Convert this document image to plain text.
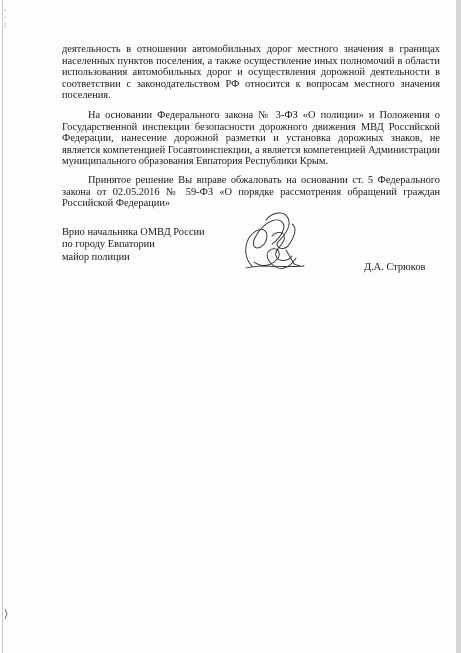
·
·
:
деятельность в отношении автомобильных дорог местного значения в границах населенных пунктов поселения, а также осуществление иных полномочий в области использования автомобильных дорог и осуществления дорожной деятельности в соответствии с законодательством РФ относится к вопросам местного значения поселения.
На основании Федерального закона № 3-ФЗ «О полиции» и Положения о Государственной инспекции безопасности дорожного движения МВД Российской Федерации, нанесение дорожной разметки и установка дорожных знаков, не является компетенцией Госавтоинспекции, а является компетенцией Администрации муниципального образования Евпатория Республики Крым.
Принятое решение Вы вправе обжаловать на основании ст. 5 Федерального закона от 02.05.2016 № 59-ФЗ «О порядке рассмотрения обращений граждан Российской Федерации»
Врио начальника ОМВД России
по городу Евпатории
майор полиции
Д.А. Стрюков
